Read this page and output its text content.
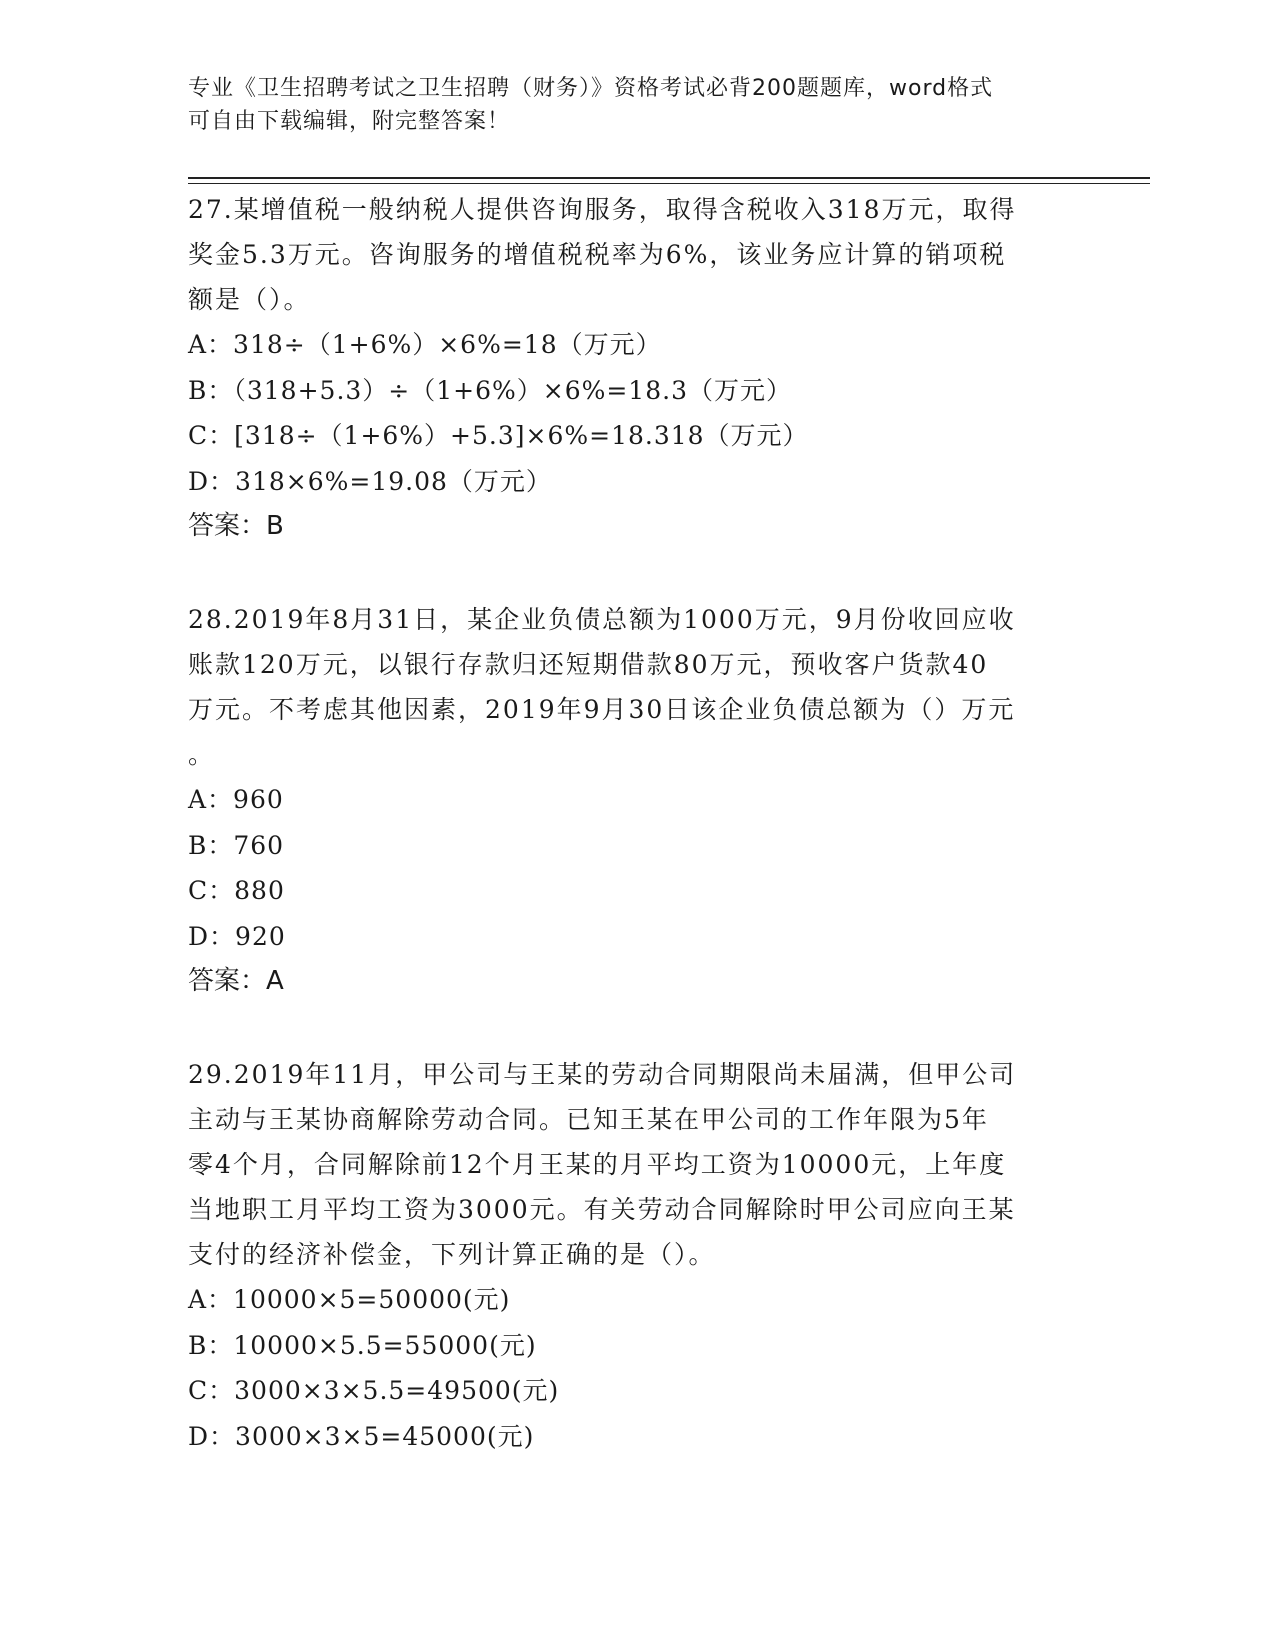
专业《卫生招聘考试之卫生招聘（财务）》资格考试必背200题题库，word格式
可自由下载编辑，附完整答案！

27.某增值税一般纳税人提供咨询服务，取得含税收入318万元，取得

奖金5.3万元。咨询服务的增值税税率为6%，该业务应计算的销项税

额是（）。

A：318÷（1+6%）×6%=18（万元）

B：（318+5.3）÷（1+6%）×6%=18.3（万元）

C：[318÷（1+6%）+5.3]×6%=18.318（万元）

D：318×6%=19.08（万元）

答案：B

28.2019年8月31日，某企业负债总额为1000万元，9月份收回应收

账款120万元，以银行存款归还短期借款80万元，预收客户货款40

万元。不考虑其他因素，2019年9月30日该企业负债总额为（）万元

。

A：960

B：760

C：880

D：920

答案：A

29.2019年11月，甲公司与王某的劳动合同期限尚未届满，但甲公司

主动与王某协商解除劳动合同。已知王某在甲公司的工作年限为5年

零4个月，合同解除前12个月王某的月平均工资为10000元，上年度

当地职工月平均工资为3000元。有关劳动合同解除时甲公司应向王某

支付的经济补偿金，下列计算正确的是（）。

A：10000×5=50000(元)

B：10000×5.5=55000(元)

C：3000×3×5.5=49500(元)

D：3000×3×5=45000(元)
